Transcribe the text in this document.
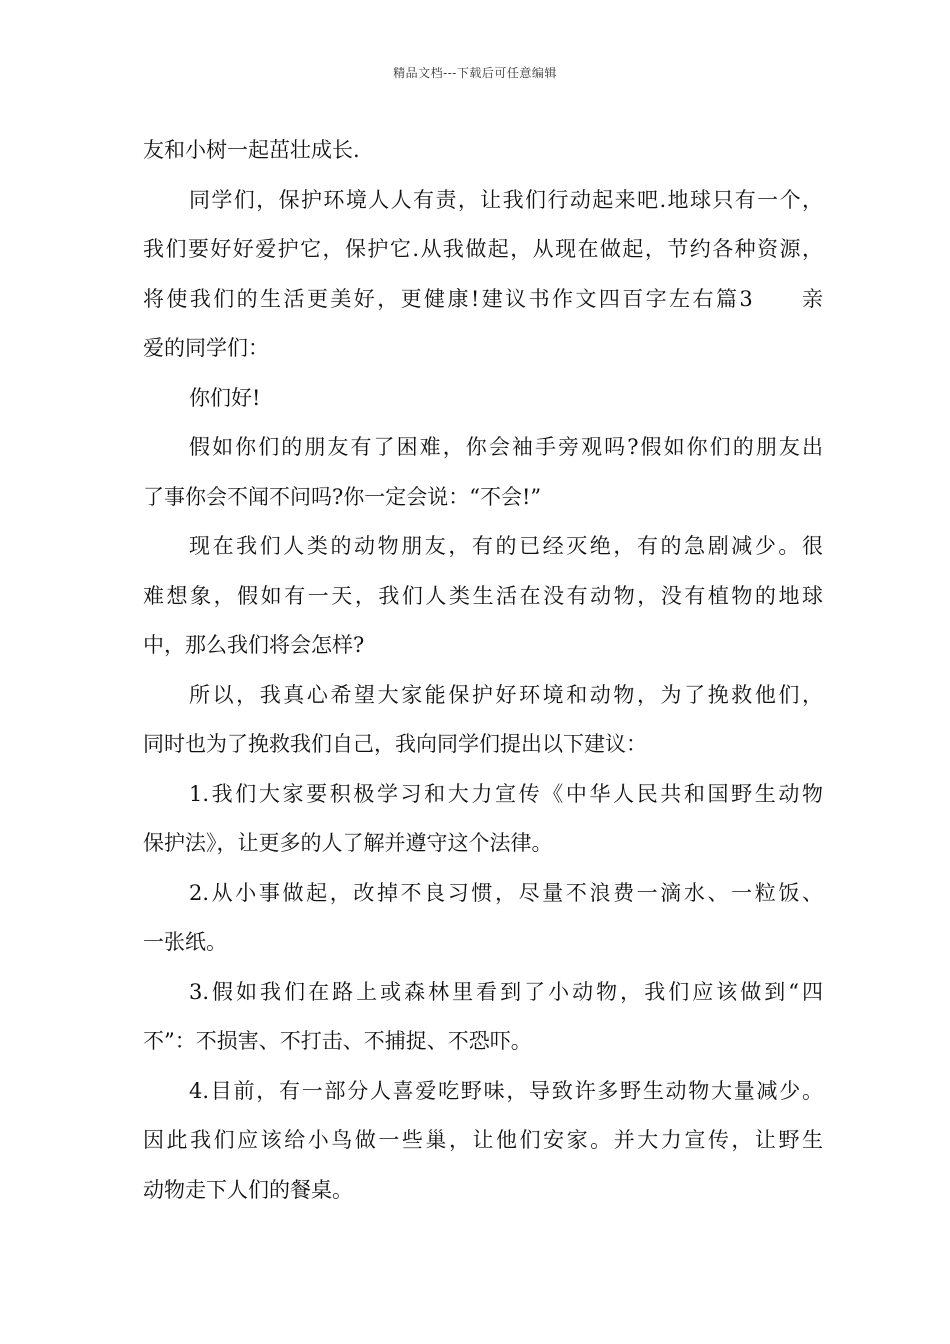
精品文档---下载后可任意编辑
友和小树一起茁壮成长.
同学们，保护环境人人有责，让我们行动起来吧.地球只有一个，
我们要好好爱护它，保护它.从我做起，从现在做起，节约各种资源，
将使我们的生活更美好，更健康!建议书作文四百字左右篇3　　亲
爱的同学们：
你们好!
假如你们的朋友有了困难，你会袖手旁观吗?假如你们的朋友出
了事你会不闻不问吗?你一定会说：“不会!”
现在我们人类的动物朋友，有的已经灭绝，有的急剧减少。很
难想象，假如有一天，我们人类生活在没有动物，没有植物的地球
中，那么我们将会怎样?
所以，我真心希望大家能保护好环境和动物，为了挽救他们，
同时也为了挽救我们自己，我向同学们提出以下建议：
1.我们大家要积极学习和大力宣传《中华人民共和国野生动物
保护法》，让更多的人了解并遵守这个法律。
2.从小事做起，改掉不良习惯，尽量不浪费一滴水、一粒饭、
一张纸。
3.假如我们在路上或森林里看到了小动物，我们应该做到“四
不”：不损害、不打击、不捕捉、不恐吓。
4.目前，有一部分人喜爱吃野味，导致许多野生动物大量减少。
因此我们应该给小鸟做一些巢，让他们安家。并大力宣传，让野生
动物走下人们的餐桌。
